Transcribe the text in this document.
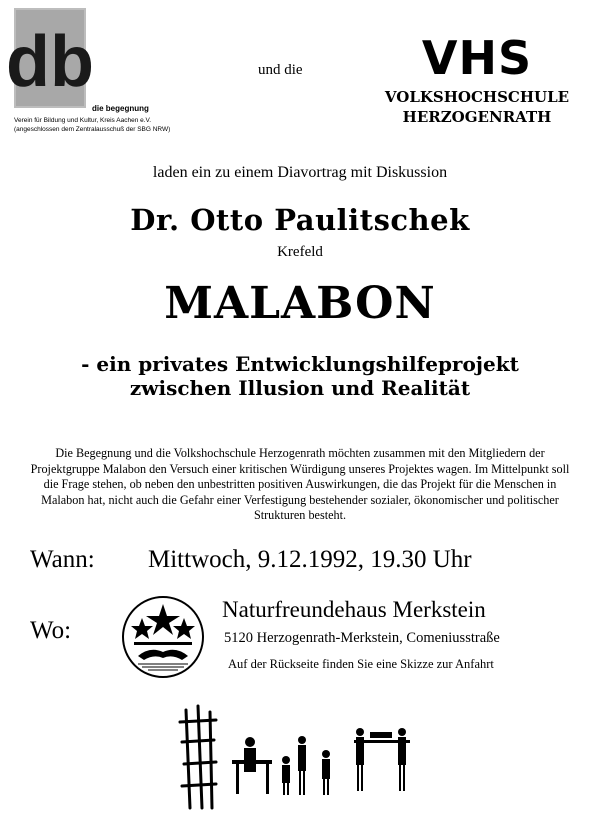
db
die begegnung
Verein für Bildung und Kultur, Kreis Aachen e.V.
(angeschlossen dem Zentralausschuß der SBG NRW)
und die	VHS
VOLKSHOCHSCHULE
HERZOGENRATH
laden ein zu einem Diavortrag mit Diskussion
Dr. Otto Paulitschek
Krefeld
MALABON
- ein privates Entwicklungshilfeprojekt
zwischen Illusion und Realität
Die Begegnung und die Volkshochschule Herzogenrath möchten zusammen mit den Mitgliedern der Projektgruppe Malabon den Versuch einer kritischen Würdigung unseres Projektes wagen. Im Mittelpunkt soll die Frage stehen, ob neben den unbestritten positiven Auswirkungen, die das Projekt für die Menschen in Malabon hat, nicht auch die Gefahr einer Verfestigung bestehender sozialer, ökonomischer und politischer Strukturen besteht.
Wann: Mittwoch, 9.12.1992, 19.30 Uhr
Wo:
Naturfreundehaus Merkstein
5120 Herzogenrath-Merkstein, Comeniusstraße
Auf der Rückseite finden Sie eine Skizze zur Anfahrt
